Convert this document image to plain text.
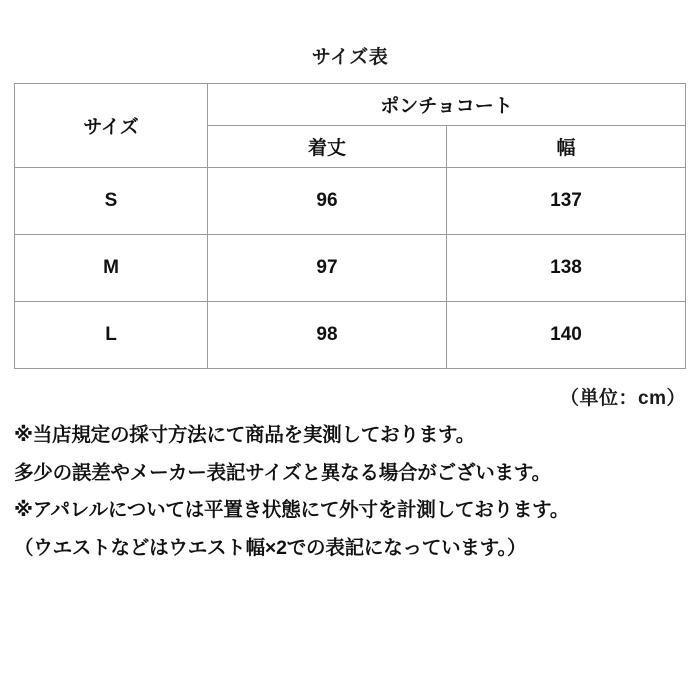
サイズ表
サイズ	ポンチョコート	
	着丈	幅
S	96	137
M	97	138
L	98	140
（単位：cm）

※当店規定の採寸方法にて商品を実測しております。

多少の誤差やメーカー表記サイズと異なる場合がございます。

※アパレルについては平置き状態にて外寸を計測しております。

（ウエストなどはウエスト幅×2での表記になっています。）
